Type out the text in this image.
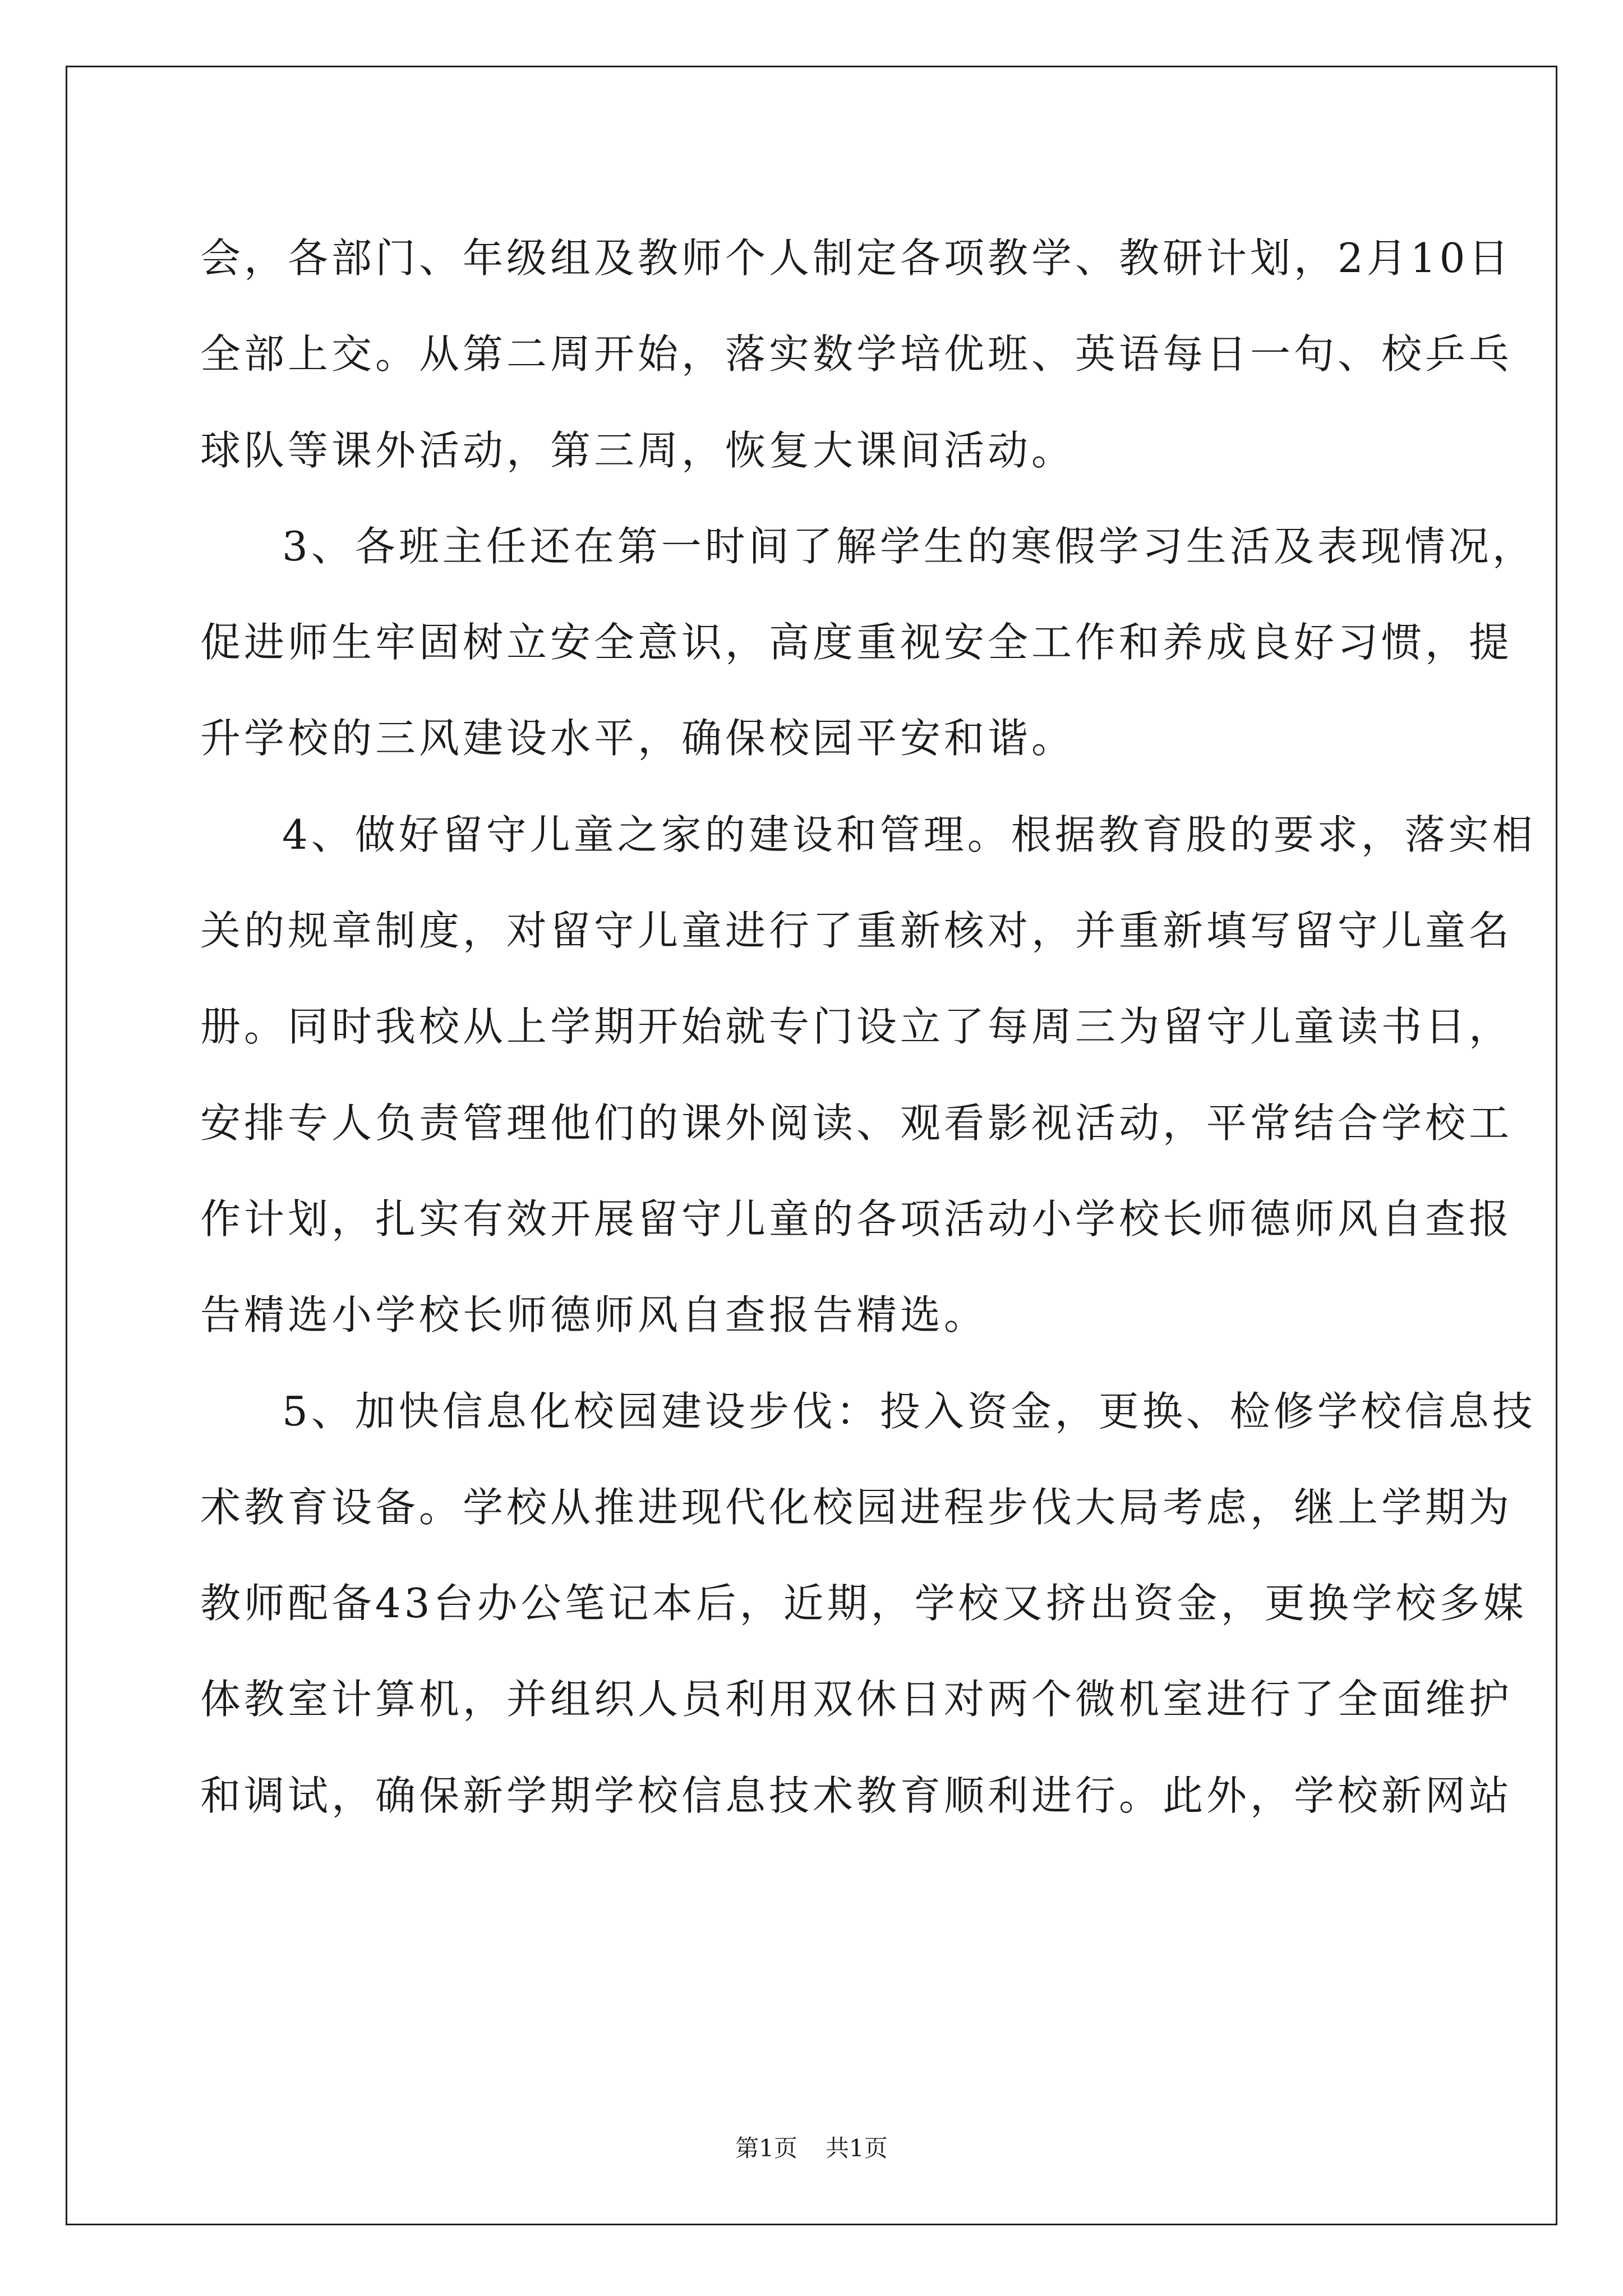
会，各部门、年级组及教师个人制定各项教学、教研计划，2月10日
全部上交。从第二周开始，落实数学培优班、英语每日一句、校乒乓
球队等课外活动，第三周，恢复大课间活动。
3、各班主任还在第一时间了解学生的寒假学习生活及表现情况，
促进师生牢固树立安全意识，高度重视安全工作和养成良好习惯，提
升学校的三风建设水平，确保校园平安和谐。
4、做好留守儿童之家的建设和管理。根据教育股的要求，落实相
关的规章制度，对留守儿童进行了重新核对，并重新填写留守儿童名
册。同时我校从上学期开始就专门设立了每周三为留守儿童读书日，
安排专人负责管理他们的课外阅读、观看影视活动，平常结合学校工
作计划，扎实有效开展留守儿童的各项活动小学校长师德师风自查报
告精选小学校长师德师风自查报告精选。
5、加快信息化校园建设步伐：投入资金，更换、检修学校信息技
术教育设备。学校从推进现代化校园进程步伐大局考虑，继上学期为
教师配备43台办公笔记本后，近期，学校又挤出资金，更换学校多媒
体教室计算机，并组织人员利用双休日对两个微机室进行了全面维护
和调试，确保新学期学校信息技术教育顺利进行。此外，学校新网站
第1页 共1页
